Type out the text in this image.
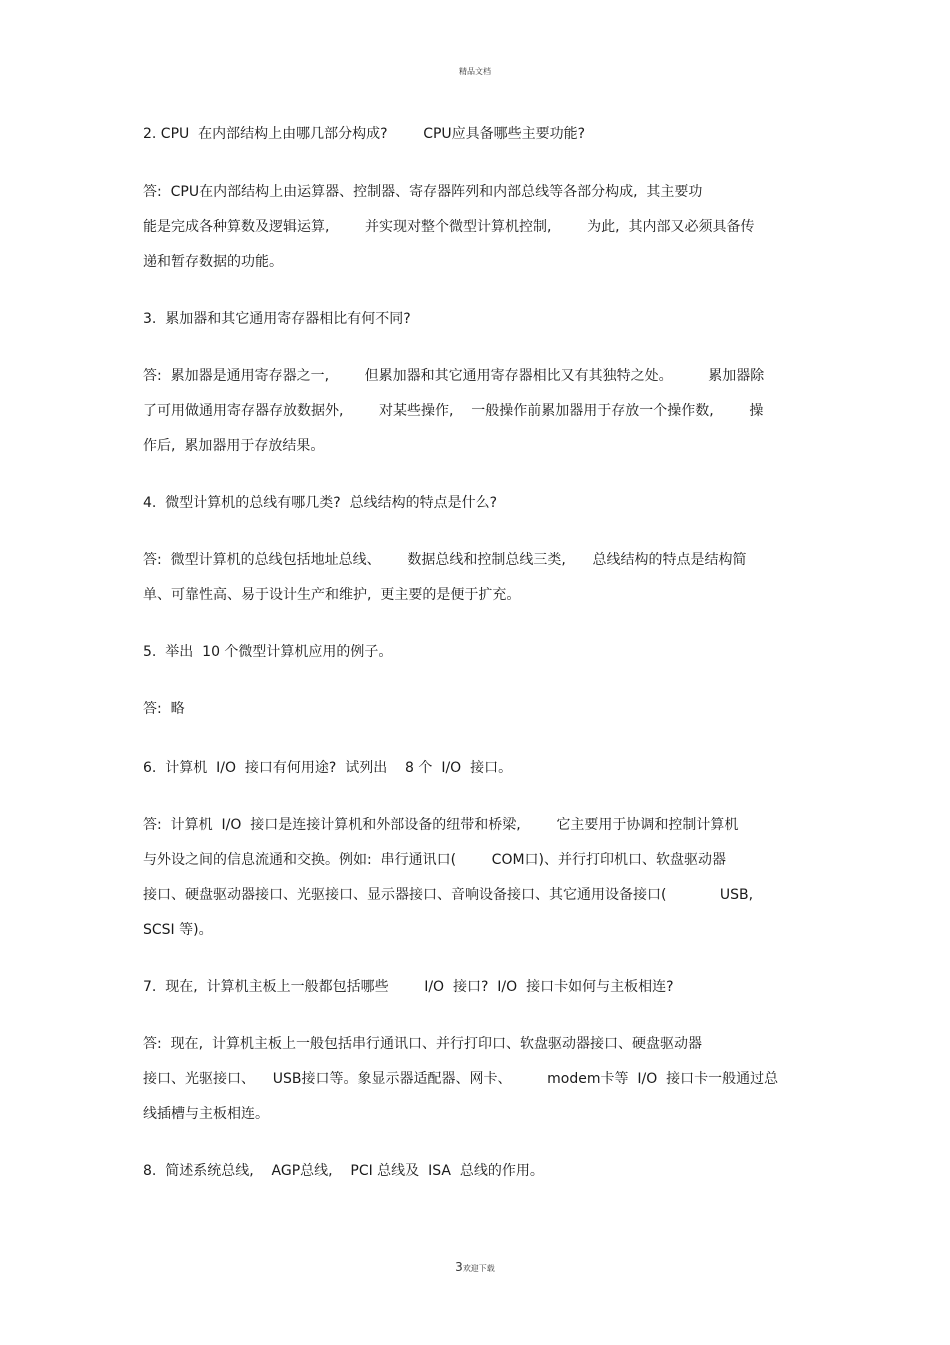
精品文档
2. CPU  在内部结构上由哪几部分构成?        CPU应具备哪些主要功能?
答:  CPU在内部结构上由运算器、控制器、寄存器阵列和内部总线等各部分构成,  其主要功
能是完成各种算数及逻辑运算,        并实现对整个微型计算机控制,        为此,  其内部又必须具备传
递和暂存数据的功能。
3.  累加器和其它通用寄存器相比有何不同?
答:  累加器是通用寄存器之一,        但累加器和其它通用寄存器相比又有其独特之处。        累加器除
了可用做通用寄存器存放数据外,        对某些操作,    一般操作前累加器用于存放一个操作数,        操
作后,  累加器用于存放结果。
4.  微型计算机的总线有哪几类?  总线结构的特点是什么?
答:  微型计算机的总线包括地址总线、      数据总线和控制总线三类,      总线结构的特点是结构简
单、可靠性高、易于设计生产和维护,  更主要的是便于扩充。
5.  举出  10 个微型计算机应用的例子。
答:  略
6.  计算机  I/O  接口有何用途?  试列出    8 个  I/O  接口。
答:  计算机  I/O  接口是连接计算机和外部设备的纽带和桥梁,        它主要用于协调和控制计算机
与外设之间的信息流通和交换。例如:  串行通讯口(        COM口)、并行打印机口、软盘驱动器
接口、硬盘驱动器接口、光驱接口、显示器接口、音响设备接口、其它通用设备接口(            USB,
SCSI 等)。
7.  现在,  计算机主板上一般都包括哪些        I/O  接口?  I/O  接口卡如何与主板相连?
答:  现在,  计算机主板上一般包括串行通讯口、并行打印口、软盘驱动器接口、硬盘驱动器
接口、光驱接口、    USB接口等。象显示器适配器、网卡、        modem卡等  I/O  接口卡一般通过总
线插槽与主板相连。
8.  简述系统总线,    AGP总线,    PCI 总线及  ISA  总线的作用。
3欢迎下载
